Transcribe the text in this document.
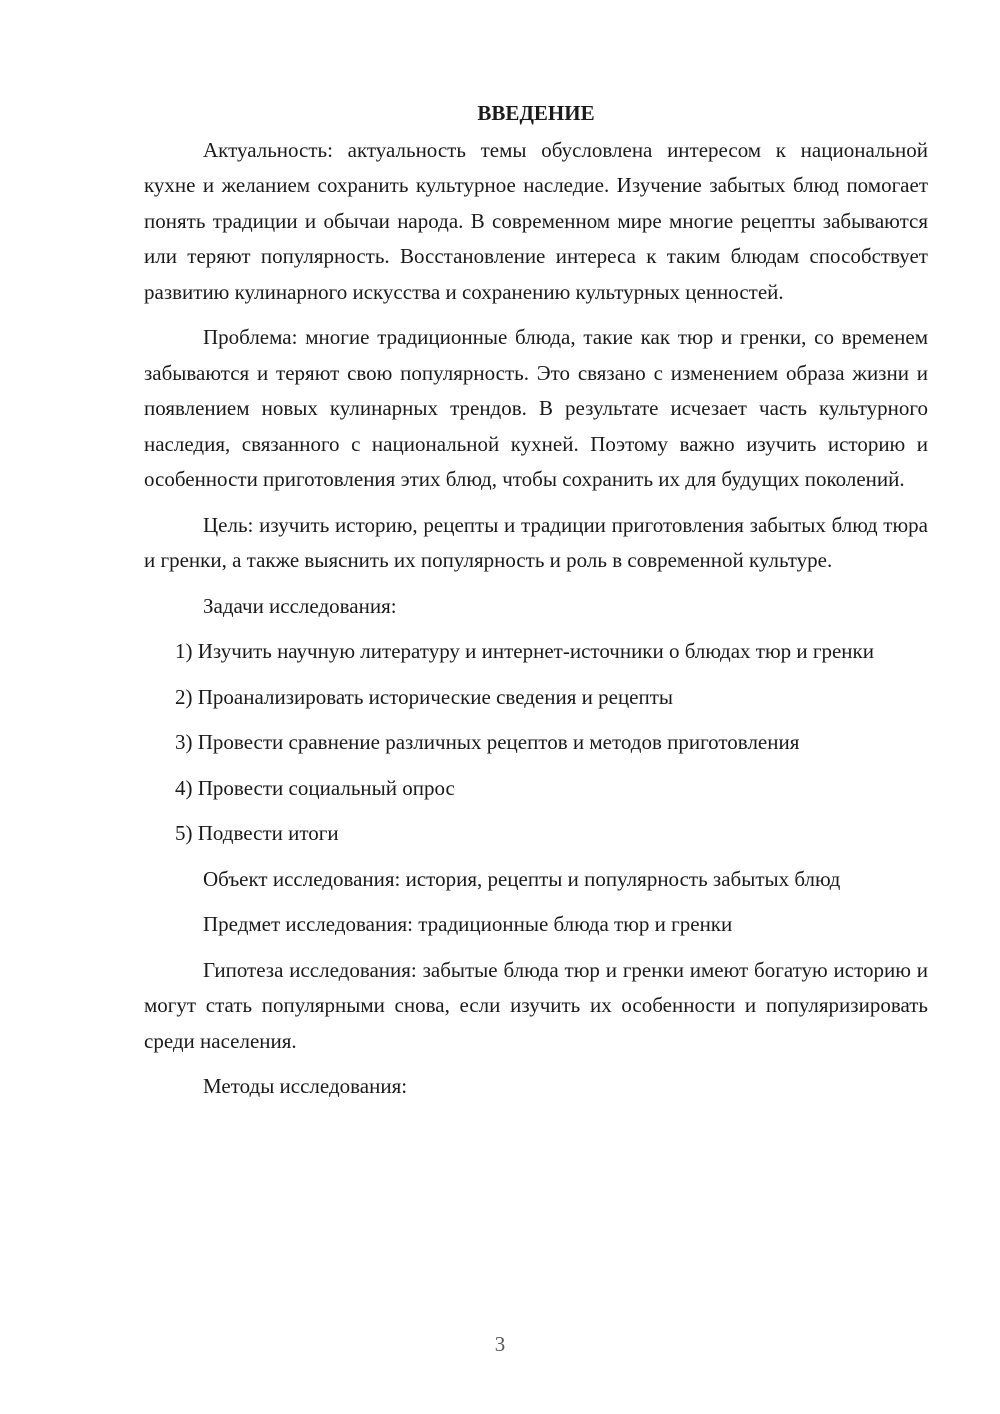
ВВЕДЕНИЕ

Актуальность: актуальность темы обусловлена интересом к национальной кухне и желанием сохранить культурное наследие. Изучение забытых блюд помогает понять традиции и обычаи народа. В современном мире многие рецепты забываются или теряют популярность. Восстановление интереса к таким блюдам способствует развитию кулинарного искусства и сохранению культурных ценностей.

Проблема: многие традиционные блюда, такие как тюр и гренки, со временем забываются и теряют свою популярность. Это связано с изменением образа жизни и появлением новых кулинарных трендов. В результате исчезает часть культурного наследия, связанного с национальной кухней. Поэтому важно изучить историю и особенности приготовления этих блюд, чтобы сохранить их для будущих поколений.

Цель: изучить историю, рецепты и традиции приготовления забытых блюд тюра и гренки, а также выяснить их популярность и роль в современной культуре.

Задачи исследования:

1) Изучить научную литературу и интернет-источники о блюдах тюр и гренки

2) Проанализировать исторические сведения и рецепты

3) Провести сравнение различных рецептов и методов приготовления

4) Провести социальный опрос

5) Подвести итоги

Объект исследования: история, рецепты и популярность забытых блюд

Предмет исследования: традиционные блюда тюр и гренки

Гипотеза исследования: забытые блюда тюр и гренки имеют богатую историю и могут стать популярными снова, если изучить их особенности и популяризировать среди населения.

Методы исследования:

3
